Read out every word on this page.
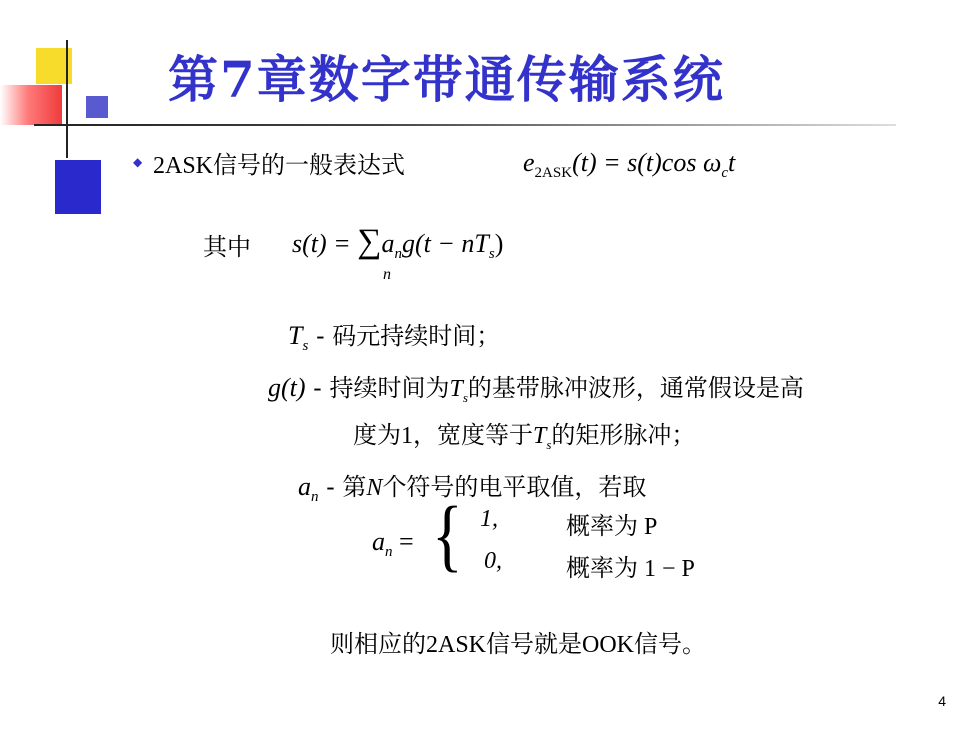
第7章数字带通传输系统
◆ 2ASK信号的一般表达式	$e_{2ASK}(t) = s(t)\cos$ $\omega_ct$
其中 $s(t) = \sum a_ng(t - nT_s)$
n
$T_s$ - 码元持续时间；
g(t) - 持续时间为$T_s$的基带脉冲波形，通常假设是高
度为1，宽度等于$T_s$的矩形脉冲；
$a_n$ - 第N个符号的电平取值，若取
$a_n$ = { 1,	概率为 P
0,	概率为 1 − P
则相应的2ASK信号就是OOK信号。
4
